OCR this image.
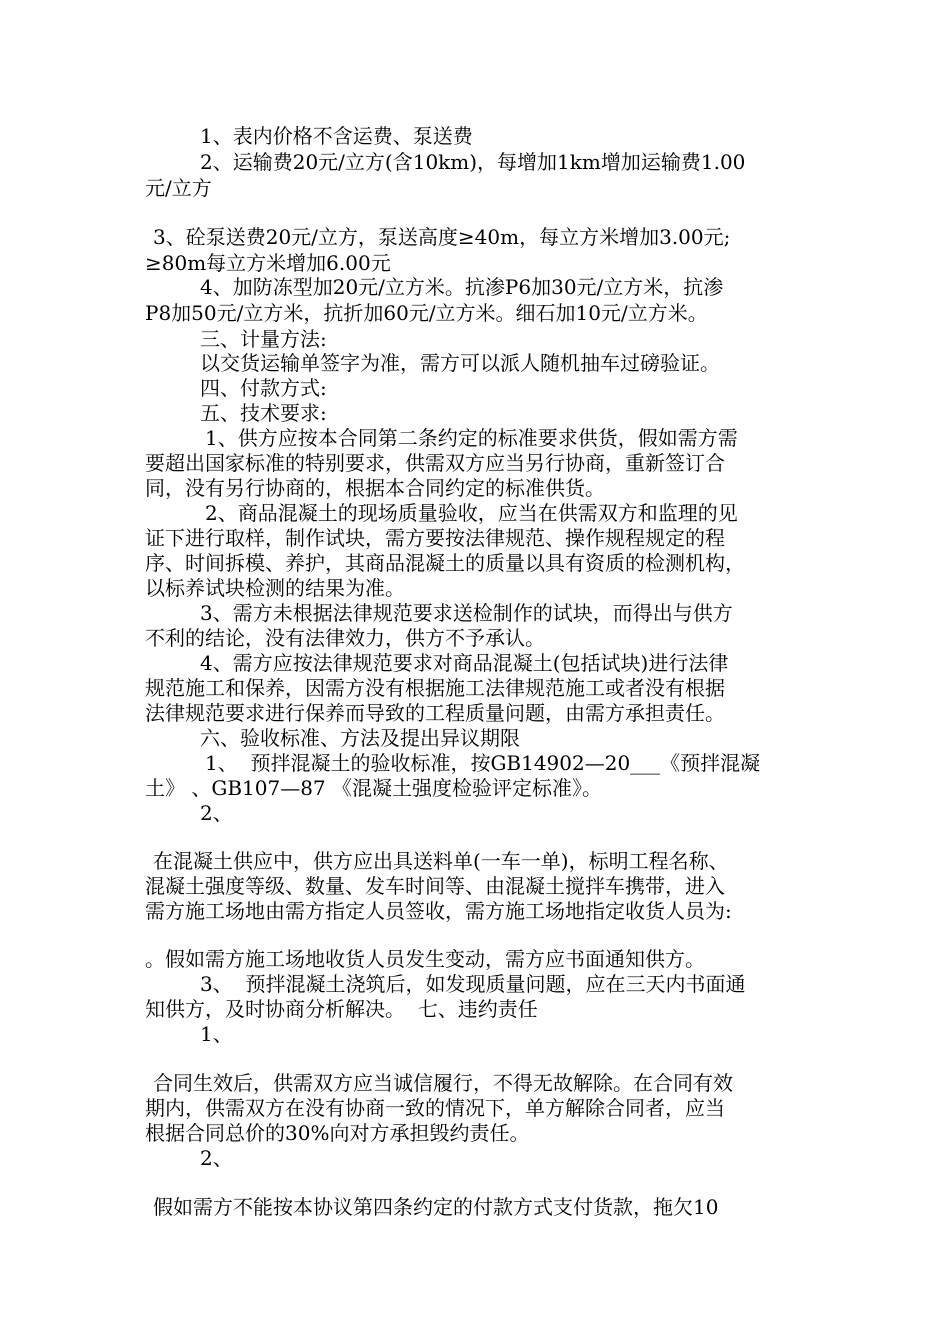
1、表内价格不含运费、泵送费

2、运输费20元/立方(含10km)，每增加1km增加运输费1.00

元/立方

3、砼泵送费20元/立方，泵送高度≥40m，每立方米增加3.00元;

≥80m每立方米增加6.00元

4、加防冻型加20元/立方米。抗渗P6加30元/立方米，抗渗

P8加50元/立方米，抗折加60元/立方米。细石加10元/立方米。

三、计量方法:

以交货运输单签字为准，需方可以派人随机抽车过磅验证。

四、付款方式:

五、技术要求:

1、供方应按本合同第二条约定的标准要求供货，假如需方需

要超出国家标准的特别要求，供需双方应当另行协商，重新签订合

同，没有另行协商的，根据本合同约定的标准供货。

2、商品混凝土的现场质量验收，应当在供需双方和监理的见

证下进行取样，制作试块，需方要按法律规范、操作规程规定的程

序、时间拆模、养护，其商品混凝土的质量以具有资质的检测机构，

以标养试块检测的结果为准。

3、需方未根据法律规范要求送检制作的试块，而得出与供方

不利的结论，没有法律效力，供方不予承认。

4、需方应按法律规范要求对商品混凝土(包括试块)进行法律

规范施工和保养，因需方没有根据施工法律规范施工或者没有根据

法律规范要求进行保养而导致的工程质量问题，由需方承担责任。

六、验收标准、方法及提出异议期限

1、  预拌混凝土的验收标准，按GB14902—20___《预拌混凝

土》 、GB107—87 《混凝土强度检验评定标准》。

2、

在混凝土供应中，供方应出具送料单(一车一单)，标明工程名称、

混凝土强度等级、数量、发车时间等、由混凝土搅拌车携带，进入

需方施工场地由需方指定人员签收，需方施工场地指定收货人员为:

。假如需方施工场地收货人员发生变动，需方应书面通知供方。

3、  预拌混凝土浇筑后，如发现质量问题，应在三天内书面通

知供方，及时协商分析解决。  七、违约责任

1、

合同生效后，供需双方应当诚信履行，不得无故解除。在合同有效

期内，供需双方在没有协商一致的情况下，单方解除合同者，应当

根据合同总价的30%向对方承担毁约责任。

2、

假如需方不能按本协议第四条约定的付款方式支付货款，拖欠10
